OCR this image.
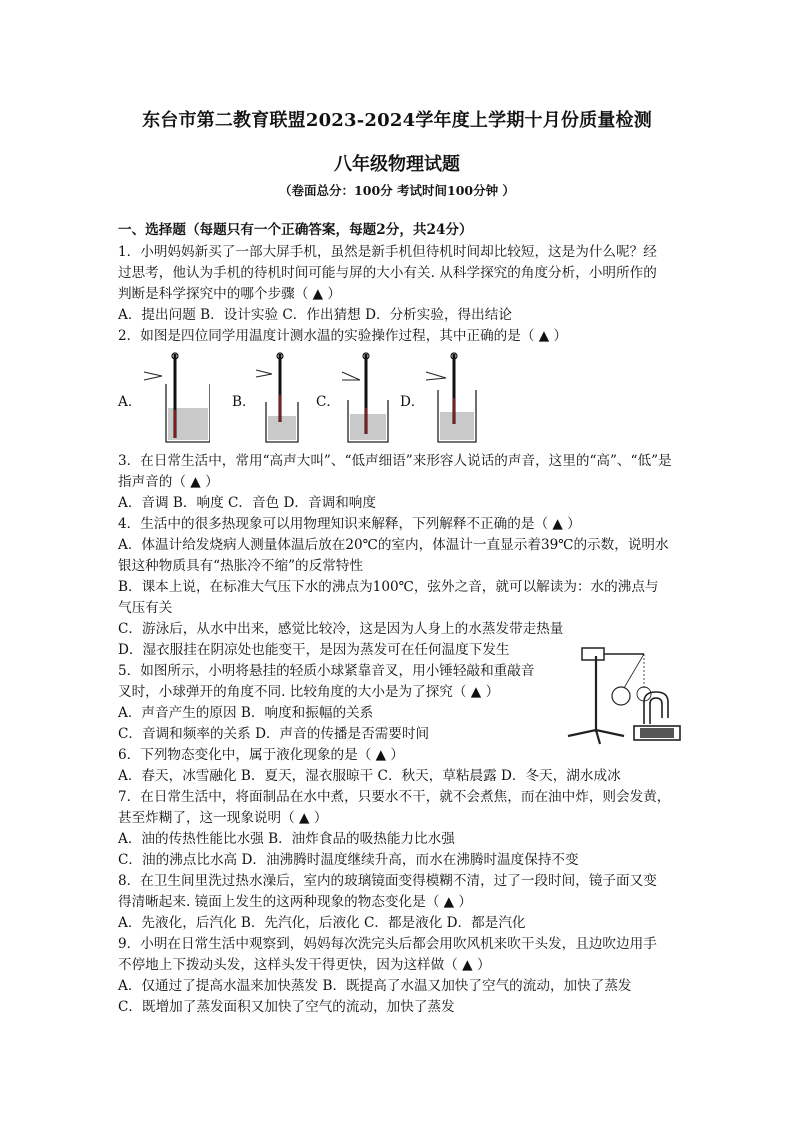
东台市第二教育联盟2023-2024学年度上学期十月份质量检测
八年级物理试题
（卷面总分：100分 考试时间100分钟 ）
一、选择题（每题只有一个正确答案，每题2分，共24分）
1．小明妈妈新买了一部大屏手机，虽然是新手机但待机时间却比较短，这是为什么呢？经
过思考，他认为手机的待机时间可能与屏的大小有关. 从科学探究的角度分析，小明所作的
判断是科学探究中的哪个步骤（ ▲ ）
A．提出问题 B．设计实验 C．作出猜想 D．分析实验，得出结论
2．如图是四位同学用温度计测水温的实验操作过程，其中正确的是（ ▲ ）
A．	B．	C．	D．
3．在日常生活中，常用“高声大叫”、“低声细语”来形容人说话的声音，这里的“高”、“低”是
指声音的（ ▲ ）
A．音调 B．响度 C．音色 D．音调和响度
4．生活中的很多热现象可以用物理知识来解释，下列解释不正确的是（ ▲ ）
A．体温计给发烧病人测量体温后放在20℃的室内，体温计一直显示着39℃的示数，说明水
银这种物质具有“热胀冷不缩”的反常特性
B．课本上说，在标准大气压下水的沸点为100℃，弦外之音，就可以解读为：水的沸点与
气压有关
C．游泳后，从水中出来，感觉比较冷，这是因为人身上的水蒸发带走热量
D．湿衣服挂在阴凉处也能变干，是因为蒸发可在任何温度下发生
5．如图所示，小明将悬挂的轻质小球紧靠音叉，用小锤轻敲和重敲音
叉时，小球弹开的角度不同. 比较角度的大小是为了探究（ ▲ ）
A．声音产生的原因 B．响度和振幅的关系
C．音调和频率的关系 D．声音的传播是否需要时间
6．下列物态变化中，属于液化现象的是（ ▲ ）
A．春天，冰雪融化 B．夏天，湿衣服晾干 C．秋天，草粘晨露 D．冬天，湖水成冰
7．在日常生活中，将面制品在水中煮，只要水不干，就不会煮焦，而在油中炸，则会发黄，
甚至炸糊了，这一现象说明（ ▲ ）
A．油的传热性能比水强 B．油炸食品的吸热能力比水强
C．油的沸点比水高 D．油沸腾时温度继续升高，而水在沸腾时温度保持不变
8．在卫生间里洗过热水澡后，室内的玻璃镜面变得模糊不清，过了一段时间，镜子面又变
得清晰起来. 镜面上发生的这两种现象的物态变化是（ ▲ ）
A．先液化，后汽化 B．先汽化，后液化 C．都是液化 D．都是汽化
9．小明在日常生活中观察到，妈妈每次洗完头后都会用吹风机来吹干头发，且边吹边用手
不停地上下拨动头发，这样头发干得更快，因为这样做（ ▲ ）
A．仅通过了提高水温来加快蒸发 B．既提高了水温又加快了空气的流动，加快了蒸发
C．既增加了蒸发面积又加快了空气的流动，加快了蒸发
